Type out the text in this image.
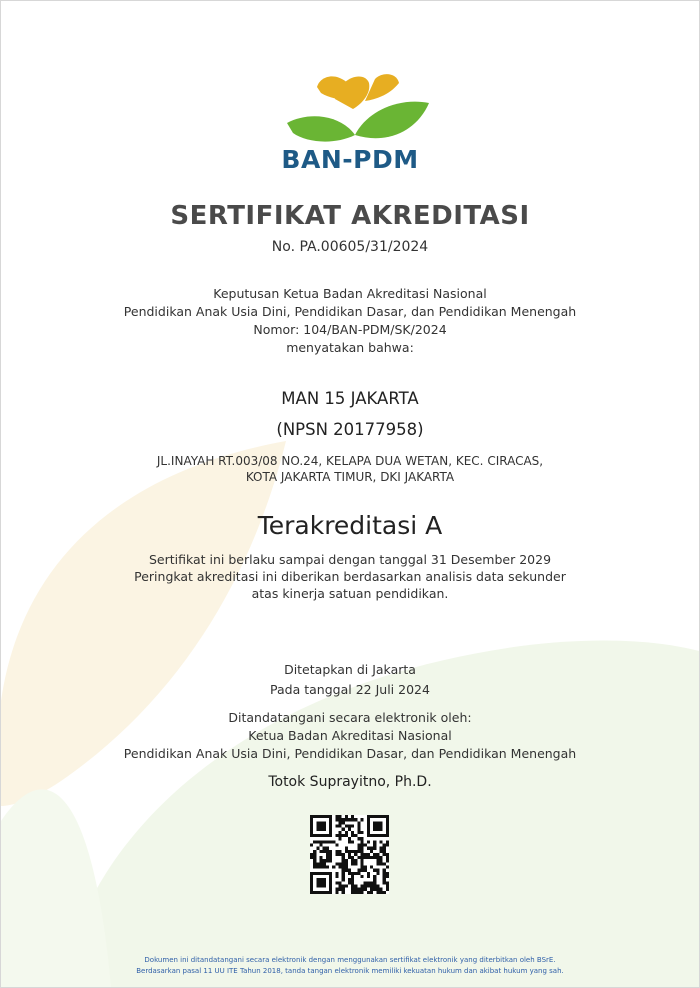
BAN-PDM
SERTIFIKAT AKREDITASI
No. PA.00605/31/2024
Keputusan Ketua Badan Akreditasi Nasional
Pendidikan Anak Usia Dini, Pendidikan Dasar, dan Pendidikan Menengah
Nomor: 104/BAN-PDM/SK/2024
menyatakan bahwa:
MAN 15 JAKARTA
(NPSN 20177958)
JL.INAYAH RT.003/08 NO.24, KELAPA DUA WETAN, KEC. CIRACAS,
KOTA JAKARTA TIMUR, DKI JAKARTA
Terakreditasi A
Sertifikat ini berlaku sampai dengan tanggal 31 Desember 2029
Peringkat akreditasi ini diberikan berdasarkan analisis data sekunder
atas kinerja satuan pendidikan.
Ditetapkan di Jakarta
Pada tanggal 22 Juli 2024
Ditandatangani secara elektronik oleh:
Ketua Badan Akreditasi Nasional
Pendidikan Anak Usia Dini, Pendidikan Dasar, dan Pendidikan Menengah
Totok Suprayitno, Ph.D.
Dokumen ini ditandatangani secara elektronik dengan menggunakan sertifikat elektronik yang diterbitkan oleh BSrE.
Berdasarkan pasal 11 UU ITE Tahun 2018, tanda tangan elektronik memiliki kekuatan hukum dan akibat hukum yang sah.
